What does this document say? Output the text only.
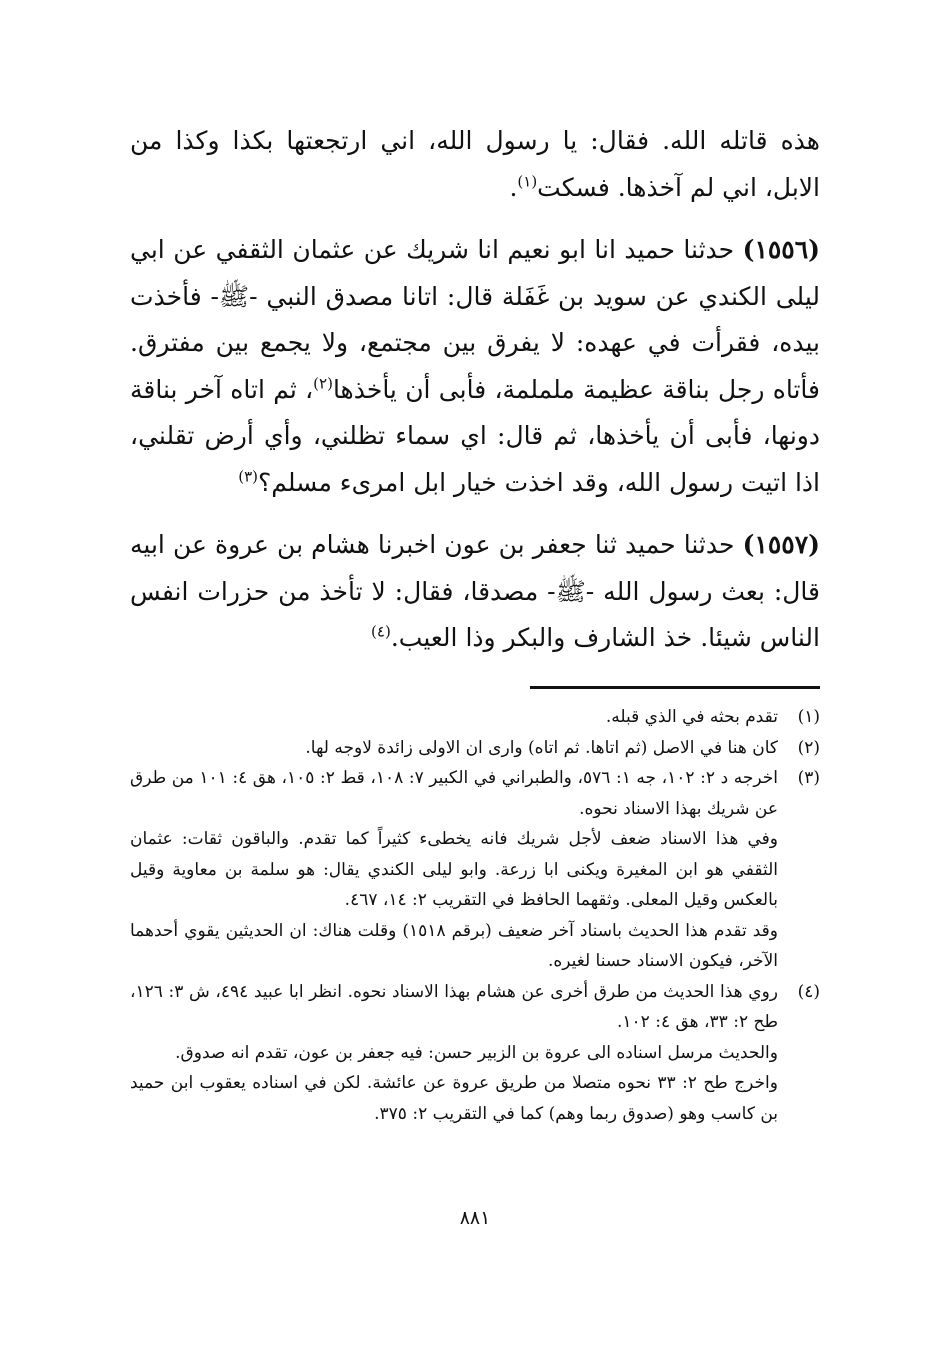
هذه قاتله الله. فقال: يا رسول الله، اني ارتجعتها بكذا وكذا من الابل، اني لم آخذها. فسكت$^{(١)}$.

(١٥٥٦) حدثنا حميد انا ابو نعيم انا شريك عن عثمان الثقفي عن ابي ليلى الكندي عن سويد بن غَفَلة قال: اتانا مصدق النبي -ﷺ- فأخذت بيده، فقرأت في عهده: لا يفرق بين مجتمع، ولا يجمع بين مفترق. فأتاه رجل بناقة عظيمة ململمة، فأبى أن يأخذها$^{(٢)}$، ثم اتاه آخر بناقة دونها، فأبى أن يأخذها، ثم قال: اي سماء تظلني، وأي أرض تقلني، اذا اتيت رسول الله، وقد اخذت خيار ابل امرىء مسلم؟$^{(٣)}$

(١٥٥٧) حدثنا حميد ثنا جعفر بن عون اخبرنا هشام بن عروة عن ابيه قال: بعث رسول الله -ﷺ- مصدقا، فقال: لا تأخذ من حزرات انفس الناس شيئا. خذ الشارف والبكر وذا العيب.$^{(٤)}$

(١)

تقدم بحثه في الذي قبله.

(٢)

كان هنا في الاصل (ثم اتاها. ثم اتاه) وارى ان الاولى زائدة لاوجه لها.

(٣)

اخرجه د ٢: ١٠٢، جه ١: ٥٧٦، والطبراني في الكبير ٧: ١٠٨، قط ٢: ١٠٥، هق ٤: ١٠١ من طرق عن شريك بهذا الاسناد نحوه.

وفي هذا الاسناد ضعف لأجل شريك فانه يخطىء كثيراً كما تقدم. والباقون ثقات: عثمان الثقفي هو ابن المغيرة ويكنى ابا زرعة. وابو ليلى الكندي يقال: هو سلمة بن معاوية وقيل بالعكس وقيل المعلى. وثقهما الحافظ في التقريب ٢: ١٤، ٤٦٧.

وقد تقدم هذا الحديث باسناد آخر ضعيف (برقم ١٥١٨) وقلت هناك: ان الحديثين يقوي أحدهما الآخر، فيكون الاسناد حسنا لغيره.

(٤)

روي هذا الحديث من طرق أخرى عن هشام بهذا الاسناد نحوه. انظر ابا عبيد ٤٩٤، ش ٣: ١٢٦، طح ٢: ٣٣، هق ٤: ١٠٢.

والحديث مرسل اسناده الى عروة بن الزبير حسن: فيه جعفر بن عون، تقدم انه صدوق.

واخرج طح ٢: ٣٣ نحوه متصلا من طريق عروة عن عائشة. لكن في اسناده يعقوب ابن حميد بن كاسب وهو (صدوق ربما وهم) كما في التقريب ٢: ٣٧٥.

٨٨١
